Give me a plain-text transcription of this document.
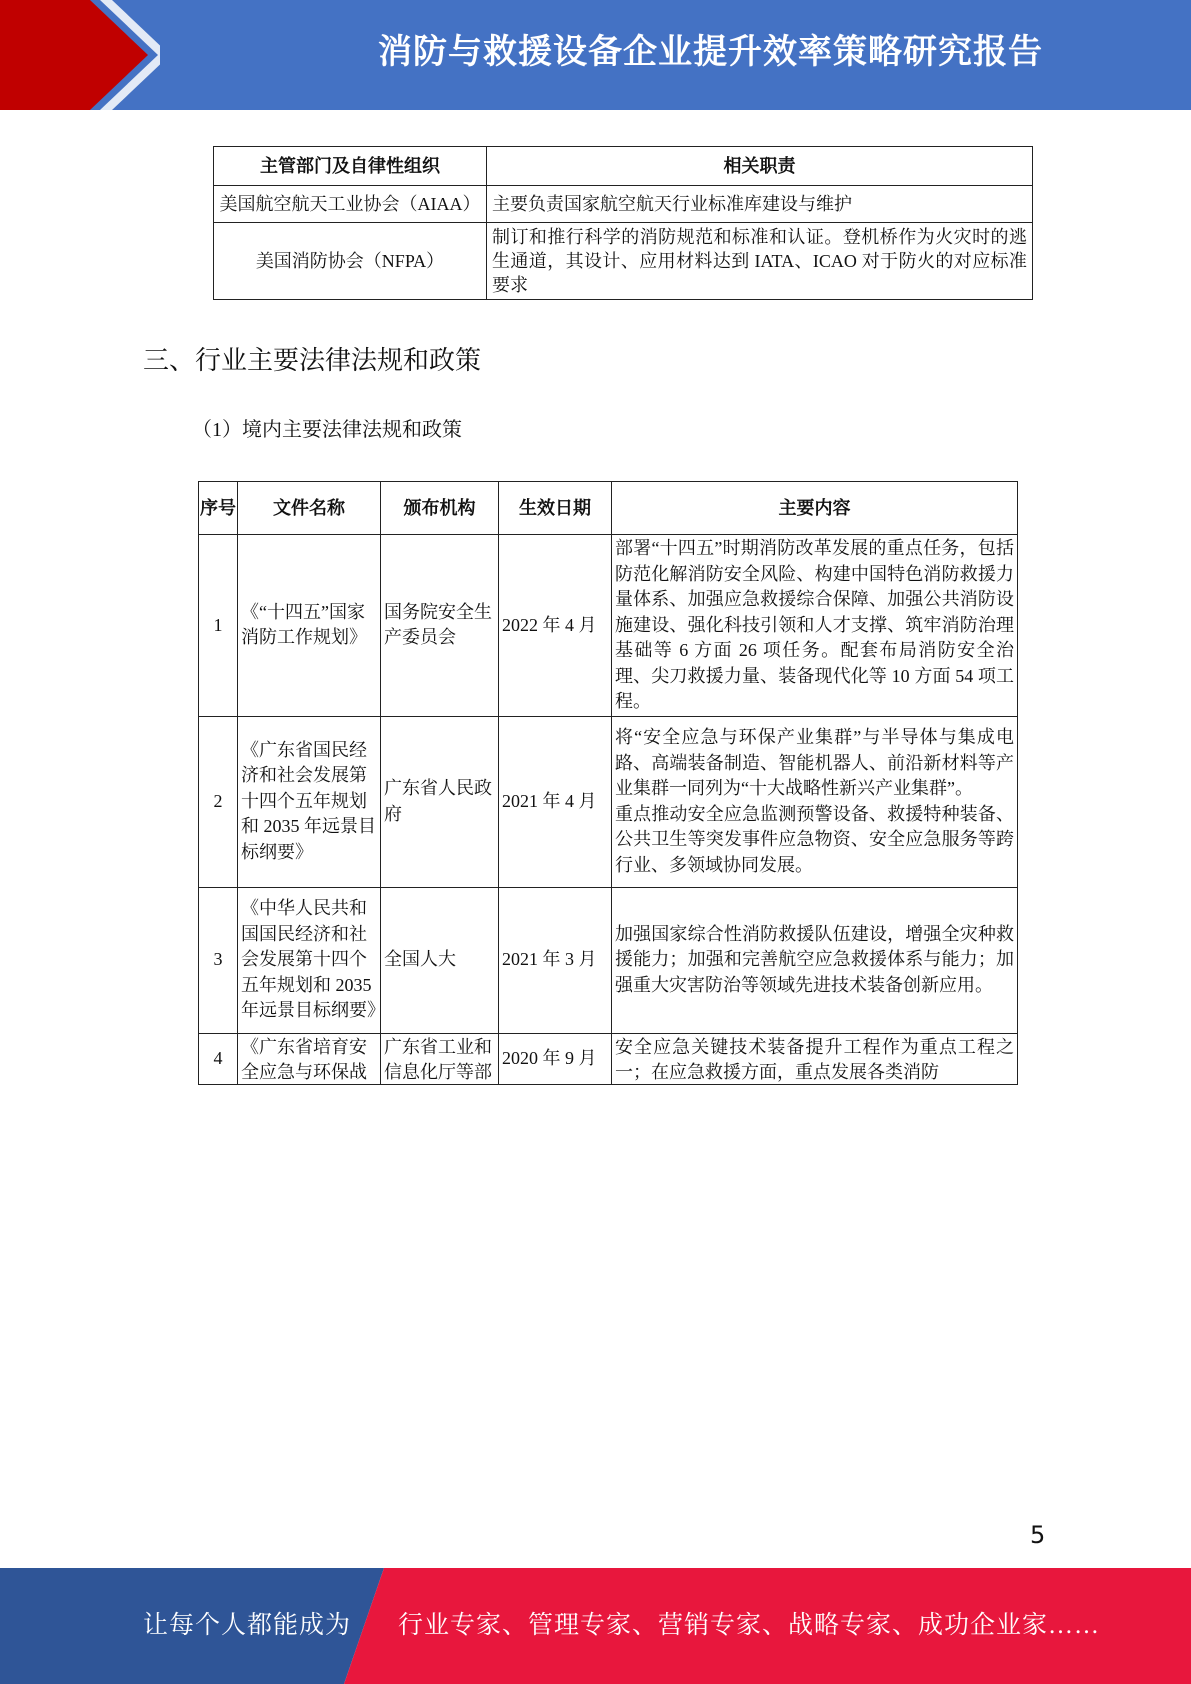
消防与救援设备企业提升效率策略研究报告
主管部门及自律性组织	相关职责
美国航空航天工业协会（AIAA）	主要负责国家航空航天行业标准库建设与维护
美国消防协会（NFPA）	制订和推行科学的消防规范和标准和认证。登机桥作为火灾时的逃生通道，其设计、应用材料达到 IATA、ICAO 对于防火的对应标准要求
三、行业主要法律法规和政策
（1）境内主要法律法规和政策
序号	文件名称	颁布机构	生效日期	主要内容
1	《“十四五”国家消防工作规划》	国务院安全生产委员会	2022 年 4 月	部署“十四五”时期消防改革发展的重点任务，包括防范化解消防安全风险、构建中国特色消防救援力量体系、加强应急救援综合保障、加强公共消防设施建设、强化科技引领和人才支撑、筑牢消防治理基础等 6 方面 26 项任务。配套布局消防安全治理、尖刀救援力量、装备现代化等 10 方面 54 项工程。
2	《广东省国民经济和社会发展第十四个五年规划和 2035 年远景目标纲要》	广东省人民政府	2021 年 4 月	将“安全应急与环保产业集群”与半导体与集成电路、高端装备制造、智能机器人、前沿新材料等产业集群一同列为“十大战略性新兴产业集群”。
重点推动安全应急监测预警设备、救援特种装备、公共卫生等突发事件应急物资、安全应急服务等跨行业、多领域协同发展。

3	《中华人民共和国国民经济和社会发展第十四个五年规划和 2035 年远景目标纲要》	全国人大	2021 年 3 月	加强国家综合性消防救援队伍建设，增强全灾种救援能力；加强和完善航空应急救援体系与能力；加强重大灾害防治等领域先进技术装备创新应用。
4	《广东省培育安全应急与环保战	广东省工业和信息化厅等部	2020 年 9 月	安全应急关键技术装备提升工程作为重点工程之一；在应急救援方面，重点发展各类消防
5
让每个人都能成为 行业专家、管理专家、营销专家、战略专家、成功企业家……
